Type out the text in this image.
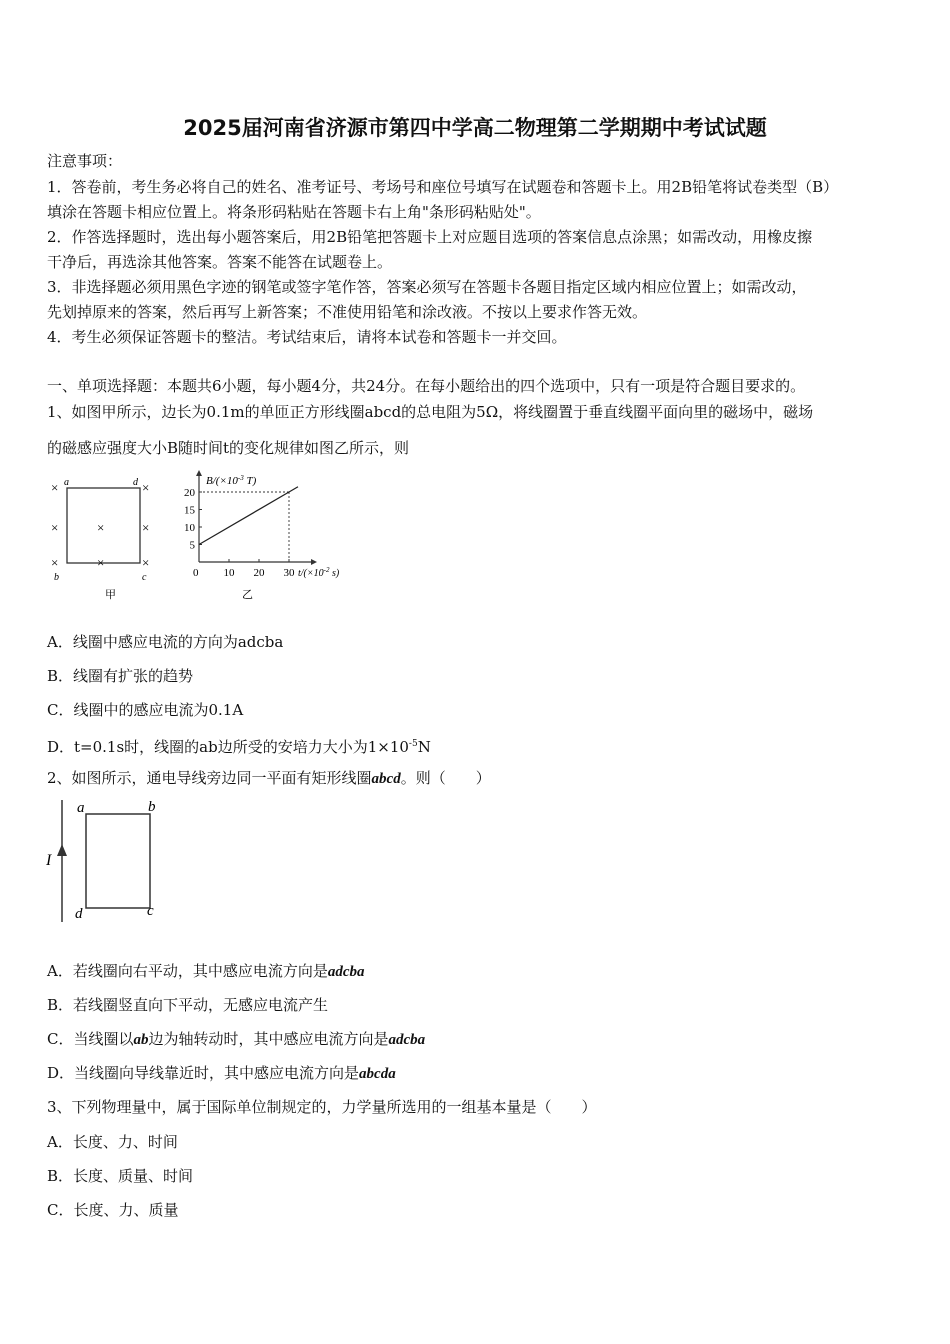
2025届河南省济源市第四中学高二物理第二学期期中考试试题
注意事项：
1．答卷前，考生务必将自己的姓名、准考证号、考场号和座位号填写在试题卷和答题卡上。用2B铅笔将试卷类型（B）
填涂在答题卡相应位置上。将条形码粘贴在答题卡右上角"条形码粘贴处"。
2．作答选择题时，选出每小题答案后，用2B铅笔把答题卡上对应题目选项的答案信息点涂黑；如需改动，用橡皮擦
干净后，再选涂其他答案。答案不能答在试题卷上。
3．非选择题必须用黑色字迹的钢笔或签字笔作答，答案必须写在答题卡各题目指定区域内相应位置上；如需改动，
先划掉原来的答案，然后再写上新答案；不准使用铅笔和涂改液。不按以上要求作答无效。
4．考生必须保证答题卡的整洁。考试结束后，请将本试卷和答题卡一并交回。
一、单项选择题：本题共6小题，每小题4分，共24分。在每小题给出的四个选项中，只有一项是符合题目要求的。
1、如图甲所示，边长为0.1m的单匝正方形线圈abcd的总电阻为5Ω，将线圈置于垂直线圈平面向里的磁场中，磁场
的磁感应强度大小B随时间t的变化规律如图乙所示，则
×	×
×	×	×
×	×	×
a	d
b	c
甲
5
10
15
20
10 20 30
$B/(\times 10^{-3}$ T)
$t/(\times 10^{-2}$ s)
0
乙
A．线圈中感应电流的方向为adcba
B．线圈有扩张的趋势
C．线圈中的感应电流为0.1A
D．t=0.1s时，线圈的ab边所受的安培力大小为$1\times 10^{-5}N$
2、如图所示，通电导线旁边同一平面有矩形线圈abcd。则（　　）
I
a	b
d	c
A．若线圈向右平动，其中感应电流方向是adcba
B．若线圈竖直向下平动，无感应电流产生
C．当线圈以ab边为轴转动时，其中感应电流方向是adcba
D．当线圈向导线靠近时，其中感应电流方向是abcda
3、下列物理量中，属于国际单位制规定的，力学量所选用的一组基本量是（　　）
A．长度、力、时间
B．长度、质量、时间
C．长度、力、质量
